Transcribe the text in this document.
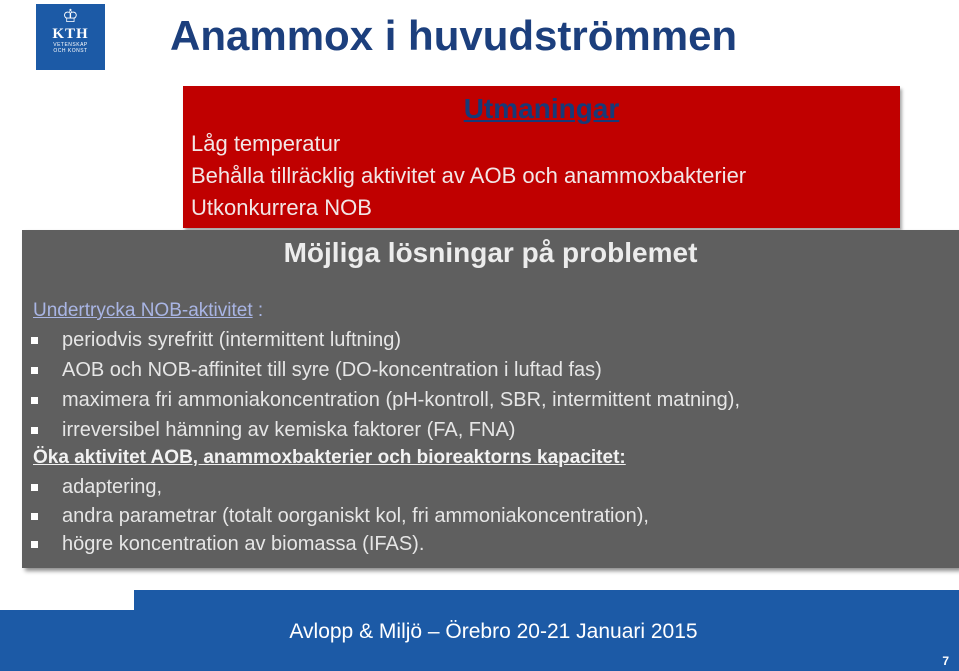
♔
KTH
VETENSKAP
OCH KONST	Anammox i huvudströmmen
Utmaningar
Låg temperatur
Behålla tillräcklig aktivitet av AOB och anammoxbakterier
Utkonkurrera NOB
Möjliga lösningar på problemet
Undertrycka NOB-aktivitet :
periodvis syrefritt (intermittent luftning)
AOB och NOB-affinitet till syre (DO-koncentration i luftad fas)
maximera fri ammoniakoncentration (pH-kontroll, SBR, intermittent matning),
irreversibel hämning av kemiska faktorer (FA, FNA)
Öka aktivitet AOB, anammoxbakterier och bioreaktorns kapacitet:
adaptering,
andra parametrar (totalt oorganiskt kol, fri ammoniakoncentration),
högre koncentration av biomassa (IFAS).
Avlopp & Miljö – Örebro 20-21 Januari 2015
7
